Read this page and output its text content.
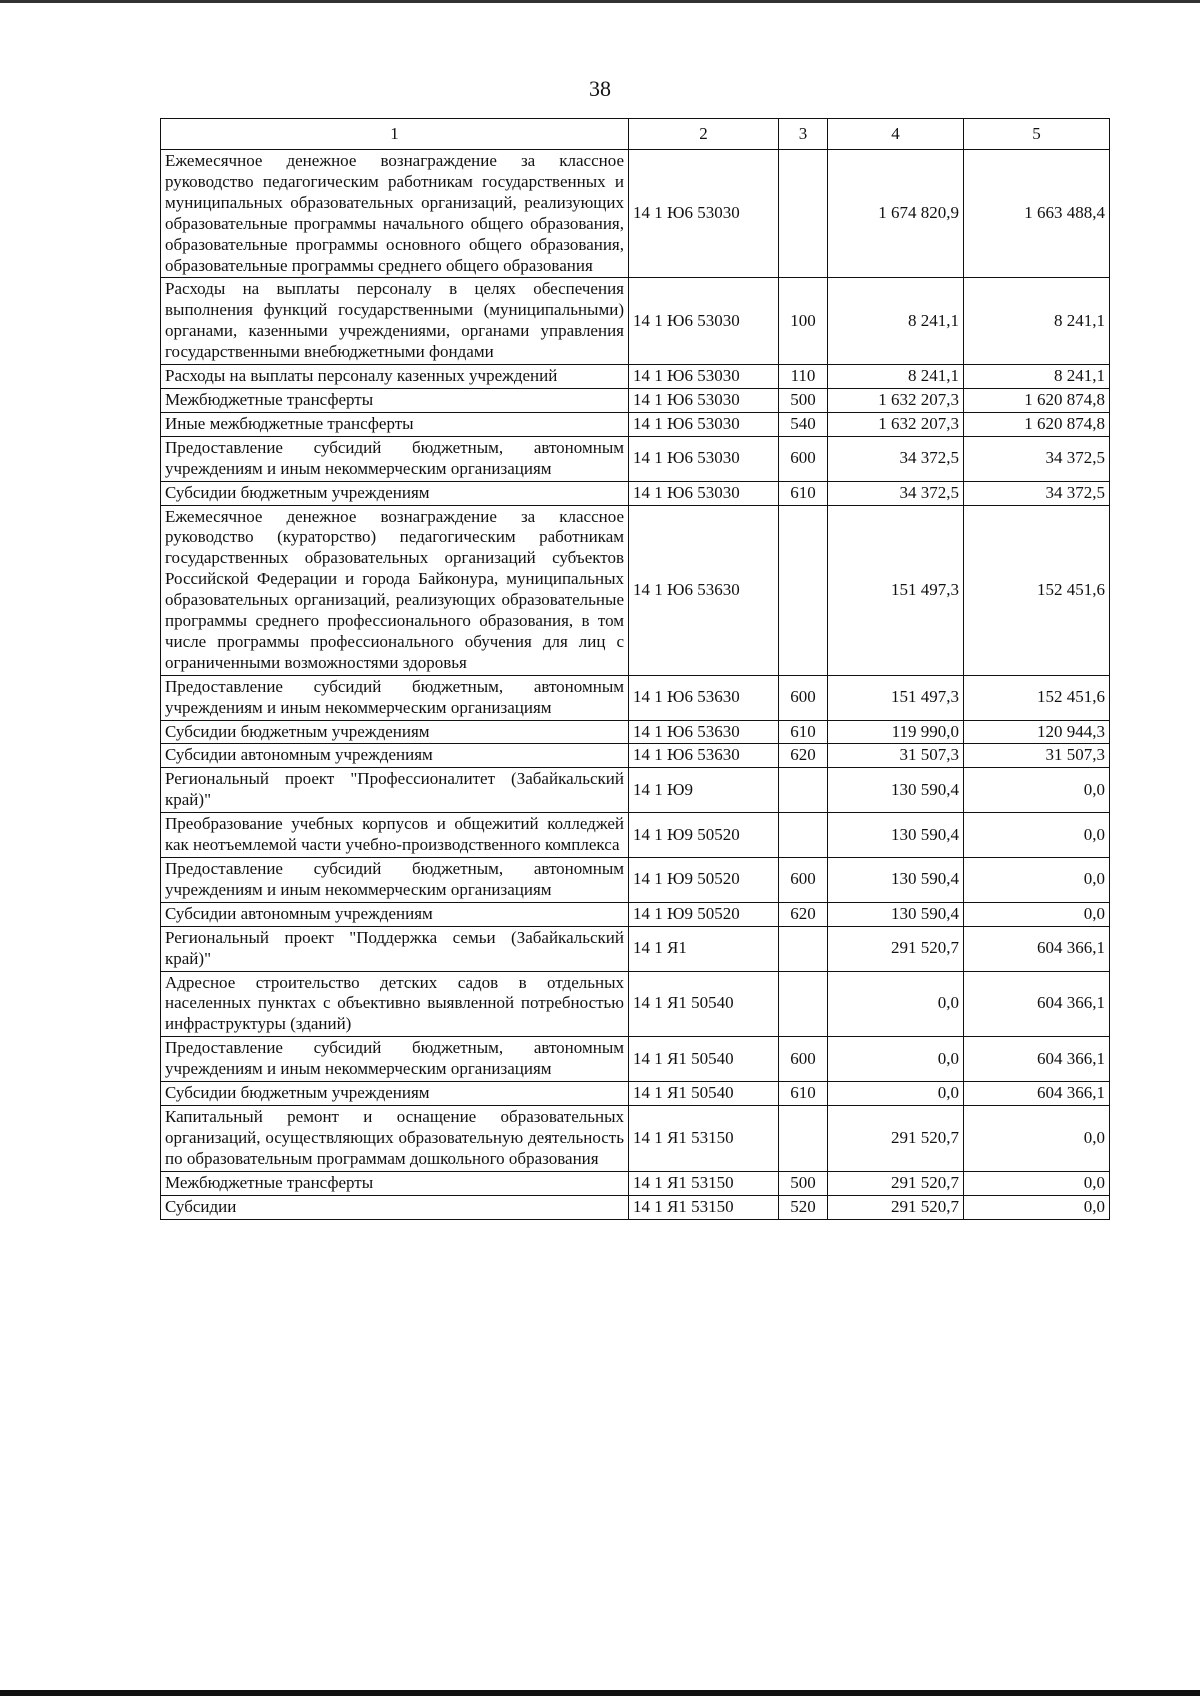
38
1	2	3	4	5
Ежемесячное денежное вознаграждение за классное руководство педагогическим работникам государственных и муниципальных образовательных организаций, реализующих образовательные программы начального общего образования, образовательные программы основного общего образования, образовательные программы среднего общего образования	14 1 Ю6 53030		1 674 820,9	1 663 488,4
Расходы на выплаты персоналу в целях обеспечения выполнения функций государственными (муниципальными) органами, казенными учреждениями, органами управления государственными внебюджетными фондами	14 1 Ю6 53030	100	8 241,1	8 241,1
Расходы на выплаты персоналу казенных учреждений	14 1 Ю6 53030	110	8 241,1	8 241,1
Межбюджетные трансферты	14 1 Ю6 53030	500	1 632 207,3	1 620 874,8
Иные межбюджетные трансферты	14 1 Ю6 53030	540	1 632 207,3	1 620 874,8
Предоставление субсидий бюджетным, автономным учреждениям и иным некоммерческим организациям	14 1 Ю6 53030	600	34 372,5	34 372,5
Субсидии бюджетным учреждениям	14 1 Ю6 53030	610	34 372,5	34 372,5
Ежемесячное денежное вознаграждение за классное руководство (кураторство) педагогическим работникам государственных образовательных организаций субъектов Российской Федерации и города Байконура, муниципальных образовательных организаций, реализующих образовательные программы среднего профессионального образования, в том числе программы профессионального обучения для лиц с ограниченными возможностями здоровья	14 1 Ю6 53630		151 497,3	152 451,6
Предоставление субсидий бюджетным, автономным учреждениям и иным некоммерческим организациям	14 1 Ю6 53630	600	151 497,3	152 451,6
Субсидии бюджетным учреждениям	14 1 Ю6 53630	610	119 990,0	120 944,3
Субсидии автономным учреждениям	14 1 Ю6 53630	620	31 507,3	31 507,3
Региональный проект "Профессионалитет (Забайкальский край)"	14 1 Ю9		130 590,4	0,0
Преобразование учебных корпусов и общежитий колледжей как неотъемлемой части учебно-производственного комплекса	14 1 Ю9 50520		130 590,4	0,0
Предоставление субсидий бюджетным, автономным учреждениям и иным некоммерческим организациям	14 1 Ю9 50520	600	130 590,4	0,0
Субсидии автономным учреждениям	14 1 Ю9 50520	620	130 590,4	0,0
Региональный проект "Поддержка семьи (Забайкальский край)"	14 1 Я1		291 520,7	604 366,1
Адресное строительство детских садов в отдельных населенных пунктах с объективно выявленной потребностью инфраструктуры (зданий)	14 1 Я1 50540		0,0	604 366,1
Предоставление субсидий бюджетным, автономным учреждениям и иным некоммерческим организациям	14 1 Я1 50540	600	0,0	604 366,1
Субсидии бюджетным учреждениям	14 1 Я1 50540	610	0,0	604 366,1
Капитальный ремонт и оснащение образовательных организаций, осуществляющих образовательную деятельность по образовательным программам дошкольного образования	14 1 Я1 53150		291 520,7	0,0
Межбюджетные трансферты	14 1 Я1 53150	500	291 520,7	0,0
Субсидии	14 1 Я1 53150	520	291 520,7	0,0
